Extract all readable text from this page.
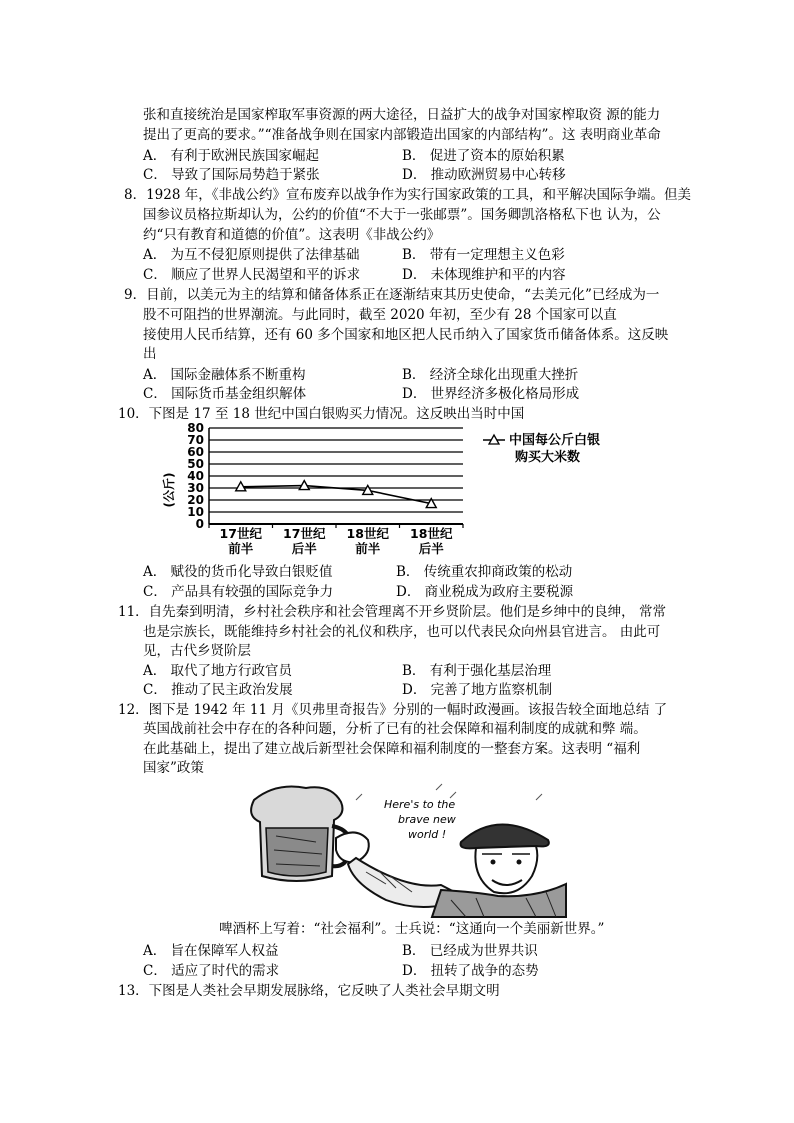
张和直接统治是国家榨取军事资源的两大途径，日益扩大的战争对国家榨取资 源的能力
提出了更高的要求。”“准备战争则在国家内部锻造出国家的内部结构”。这 表明商业革命
A． 有利于欧洲民族国家崛起	B． 促进了资本的原始积累
C． 导致了国际局势趋于紧张	D． 推动欧洲贸易中心转移
8．1928 年，《非战公约》宣布废弃以战争作为实行国家政策的工具，和平解决国际争端。但美
国参议员格拉斯却认为，公约的价值“不大于一张邮票”。国务卿凯洛格私下也 认为，公
约“只有教育和道德的价值”。这表明《非战公约》
A． 为互不侵犯原则提供了法律基础	B． 带有一定理想主义色彩
C． 顺应了世界人民渴望和平的诉求	D． 未体现维护和平的内容
9．目前，以美元为主的结算和储备体系正在逐渐结束其历史使命，“去美元化”已经成为一
股不可阻挡的世界潮流。与此同时，截至 2020 年初，至少有 28 个国家可以直
接使用人民币结算，还有 60 多个国家和地区把人民币纳入了国家货币储备体系。这反映
出
A． 国际金融体系不断重构	B． 经济全球化出现重大挫折
C． 国际货币基金组织解体	D． 世界经济多极化格局形成
10．下图是 17 至 18 世纪中国白银购买力情况。这反映出当时中国
80
70
60
50
40
30
20
10
0
17世纪
前半
17世纪
后半
18世纪
前半
18世纪
后半
(公斤)
中国每公斤白银
购买大米数
A． 赋役的货币化导致白银贬值	B． 传统重农抑商政策的松动
C． 产品具有较强的国际竞争力	D． 商业税成为政府主要税源
11．自先秦到明清，乡村社会秩序和社会管理离不开乡贤阶层。他们是乡绅中的良绅， 常常
也是宗族长，既能维持乡村社会的礼仪和秩序，也可以代表民众向州县官进言。 由此可
见，古代乡贤阶层
A． 取代了地方行政官员	B． 有利于强化基层治理
C． 推动了民主政治发展	D． 完善了地方监察机制
12．图下是 1942 年 11 月《贝弗里奇报告》分别的一幅时政漫画。该报告较全面地总结 了
英国战前社会中存在的各种问题，分析了已有的社会保障和福利制度的成就和弊 端。
在此基础上，提出了建立战后新型社会保障和福利制度的一整套方案。这表明 “福利
国家”政策
Here's to the
brave new
world !
啤酒杯上写着：“社会福利”。士兵说：“这通向一个美丽新世界。”
A． 旨在保障军人权益	B． 已经成为世界共识
C． 适应了时代的需求	D． 扭转了战争的态势
13．下图是人类社会早期发展脉络，它反映了人类社会早期文明
